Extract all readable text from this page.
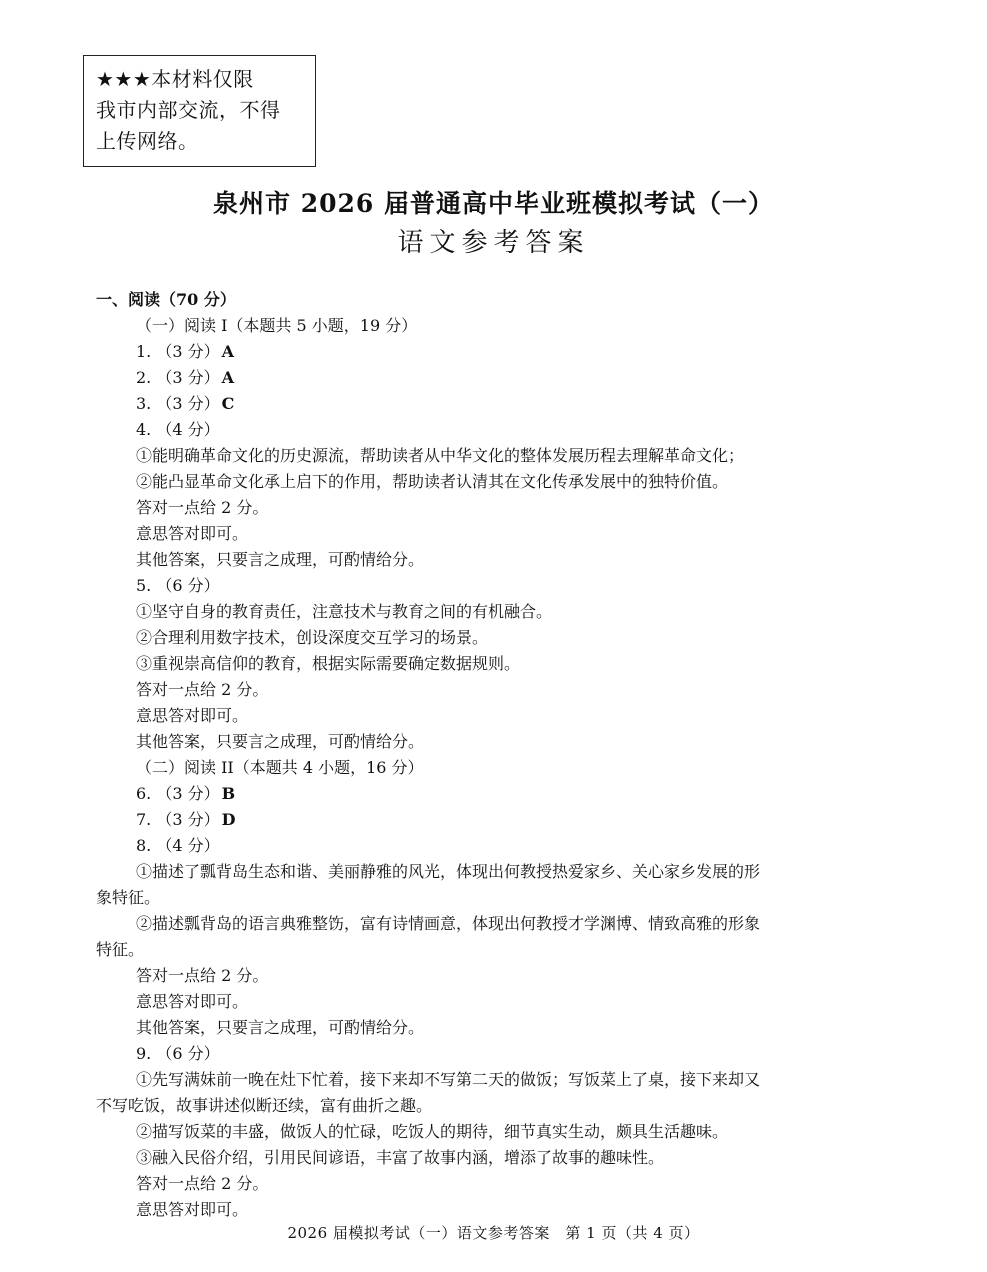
★★★本材料仅限
我市内部交流，不得
上传网络。
泉州市 2026 届普通高中毕业班模拟考试（一）
语文参考答案
一、阅读（70 分）
（一）阅读 I（本题共 5 小题，19 分）
1. （3 分） A
2. （3 分） A
3. （3 分） C
4. （4 分）
①能明确革命文化的历史源流，帮助读者从中华文化的整体发展历程去理解革命文化；
②能凸显革命文化承上启下的作用，帮助读者认清其在文化传承发展中的独特价值。
答对一点给 2 分。
意思答对即可。
其他答案，只要言之成理，可酌情给分。
5. （6 分）
①坚守自身的教育责任，注意技术与教育之间的有机融合。
②合理利用数字技术，创设深度交互学习的场景。
③重视崇高信仰的教育，根据实际需要确定数据规则。
答对一点给 2 分。
意思答对即可。
其他答案，只要言之成理，可酌情给分。
（二）阅读 II（本题共 4 小题，16 分）
6. （3 分） B
7. （3 分） D
8. （4 分）
①描述了瓢背岛生态和谐、美丽静雅的风光，体现出何教授热爱家乡、关心家乡发展的形
象特征。
②描述瓢背岛的语言典雅整饬，富有诗情画意，体现出何教授才学渊博、情致高雅的形象
特征。
答对一点给 2 分。
意思答对即可。
其他答案，只要言之成理，可酌情给分。
9. （6 分）
①先写满妹前一晚在灶下忙着，接下来却不写第二天的做饭；写饭菜上了桌，接下来却又
不写吃饭，故事讲述似断还续，富有曲折之趣。
②描写饭菜的丰盛，做饭人的忙碌，吃饭人的期待，细节真实生动，颇具生活趣味。
③融入民俗介绍，引用民间谚语，丰富了故事内涵，增添了故事的趣味性。
答对一点给 2 分。
意思答对即可。
2026 届模拟考试（一）语文参考答案　第 1 页（共 4 页）
